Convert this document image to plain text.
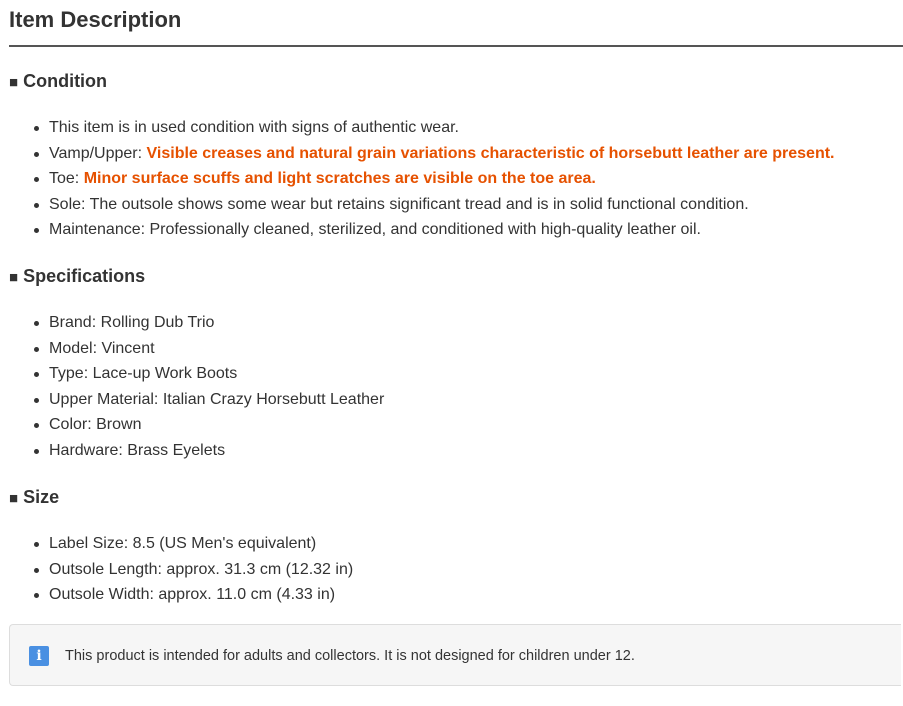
Item Description
■ Condition
This item is in used condition with signs of authentic wear.
Vamp/Upper: Visible creases and natural grain variations characteristic of horsebutt leather are present.
Toe: Minor surface scuffs and light scratches are visible on the toe area.
Sole: The outsole shows some wear but retains significant tread and is in solid functional condition.
Maintenance: Professionally cleaned, sterilized, and conditioned with high-quality leather oil.
■ Specifications
Brand: Rolling Dub Trio
Model: Vincent
Type: Lace-up Work Boots
Upper Material: Italian Crazy Horsebutt Leather
Color: Brown
Hardware: Brass Eyelets
■ Size
Label Size: 8.5 (US Men's equivalent)
Outsole Length: approx. 31.3 cm (12.32 in)
Outsole Width: approx. 11.0 cm (4.33 in)
i	This product is intended for adults and collectors. It is not designed for children under 12.
